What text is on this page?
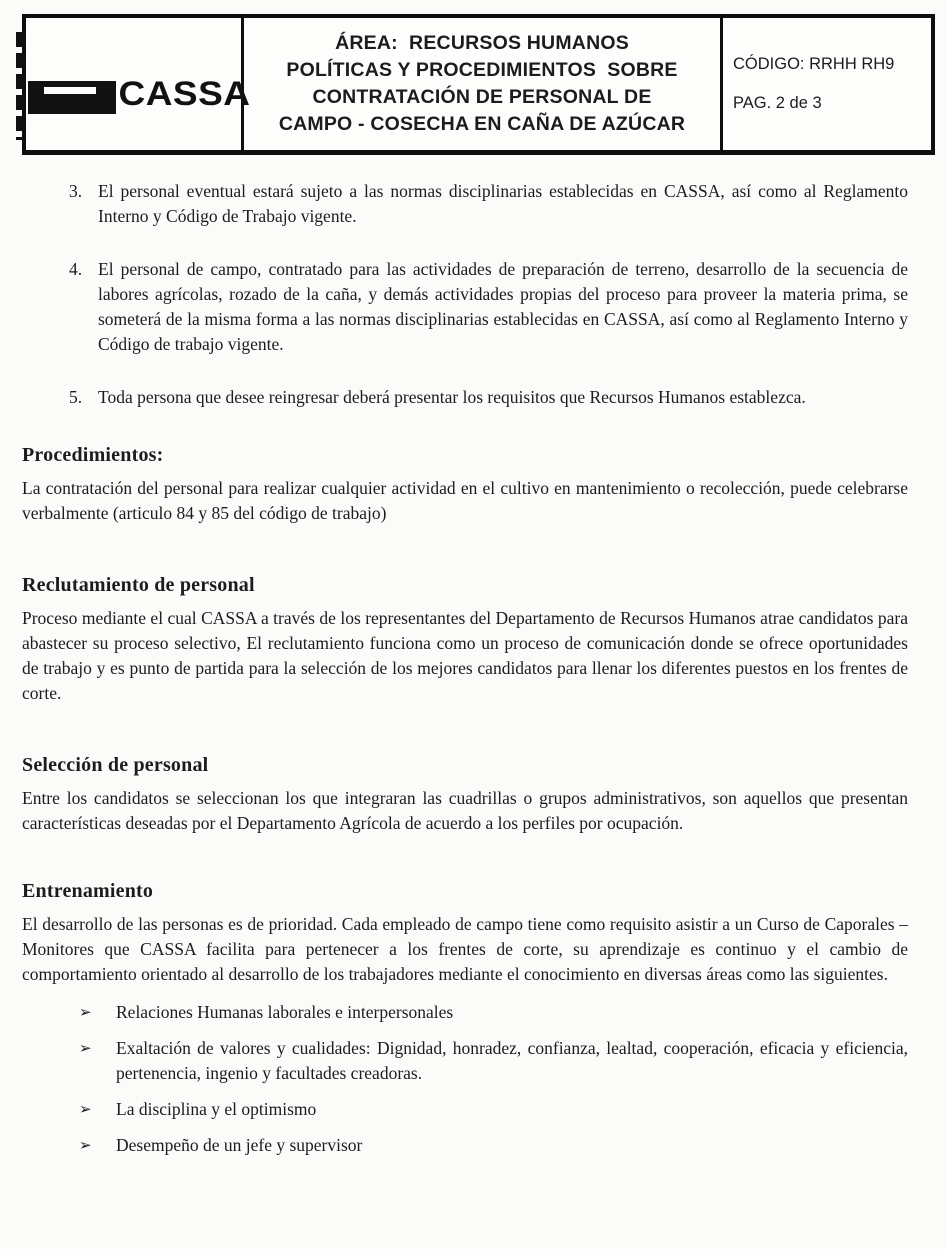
CASSA
ÁREA:  RECURSOS HUMANOS
POLÍTICAS Y PROCEDIMIENTOS  SOBRE
CONTRATACIÓN DE PERSONAL DE
CAMPO - COSECHA EN CAÑA DE AZÚCAR
CÓDIGO: RRHH RH9
PAG. 2 de 3
3. El personal eventual estará sujeto a las normas disciplinarias establecidas en CASSA, así como al Reglamento Interno y Código de Trabajo vigente.

4. El personal de campo, contratado para las actividades de preparación de terreno, desarrollo de la secuencia de labores agrícolas, rozado de la caña, y demás actividades propias del proceso para proveer la materia prima, se someterá de la misma forma a las normas disciplinarias establecidas en CASSA, así como al Reglamento Interno y Código de trabajo vigente.

5. Toda persona que desee reingresar deberá presentar los requisitos que Recursos Humanos establezca.

Procedimientos:

La contratación del personal para realizar cualquier actividad en el cultivo en mantenimiento o recolección, puede celebrarse verbalmente (articulo 84 y 85 del código de trabajo)

Reclutamiento de personal

Proceso mediante el cual CASSA a través de los representantes del Departamento de Recursos Humanos atrae candidatos para abastecer su proceso selectivo, El reclutamiento funciona como un proceso de comunicación donde se ofrece oportunidades de trabajo y es punto de partida para la selección de los mejores candidatos para llenar los diferentes puestos en los frentes de corte.

Selección de personal

Entre los candidatos se seleccionan los que integraran las cuadrillas o grupos administrativos, son aquellos que presentan características deseadas por el Departamento Agrícola de acuerdo a los perfiles por ocupación.

Entrenamiento

El desarrollo de las personas es de prioridad. Cada empleado de campo tiene como requisito asistir a un Curso de Caporales – Monitores que CASSA facilita para pertenecer a los frentes de corte, su aprendizaje es continuo y el cambio de comportamiento orientado al desarrollo de los trabajadores mediante el conocimiento en diversas áreas como las siguientes.

➢	Relaciones Humanas laborales e interpersonales

➢	Exaltación de valores y cualidades: Dignidad, honradez, confianza, lealtad, cooperación, eficacia y eficiencia, pertenencia, ingenio y facultades creadoras.

➢	La disciplina y el optimismo

➢	Desempeño de un jefe y supervisor
